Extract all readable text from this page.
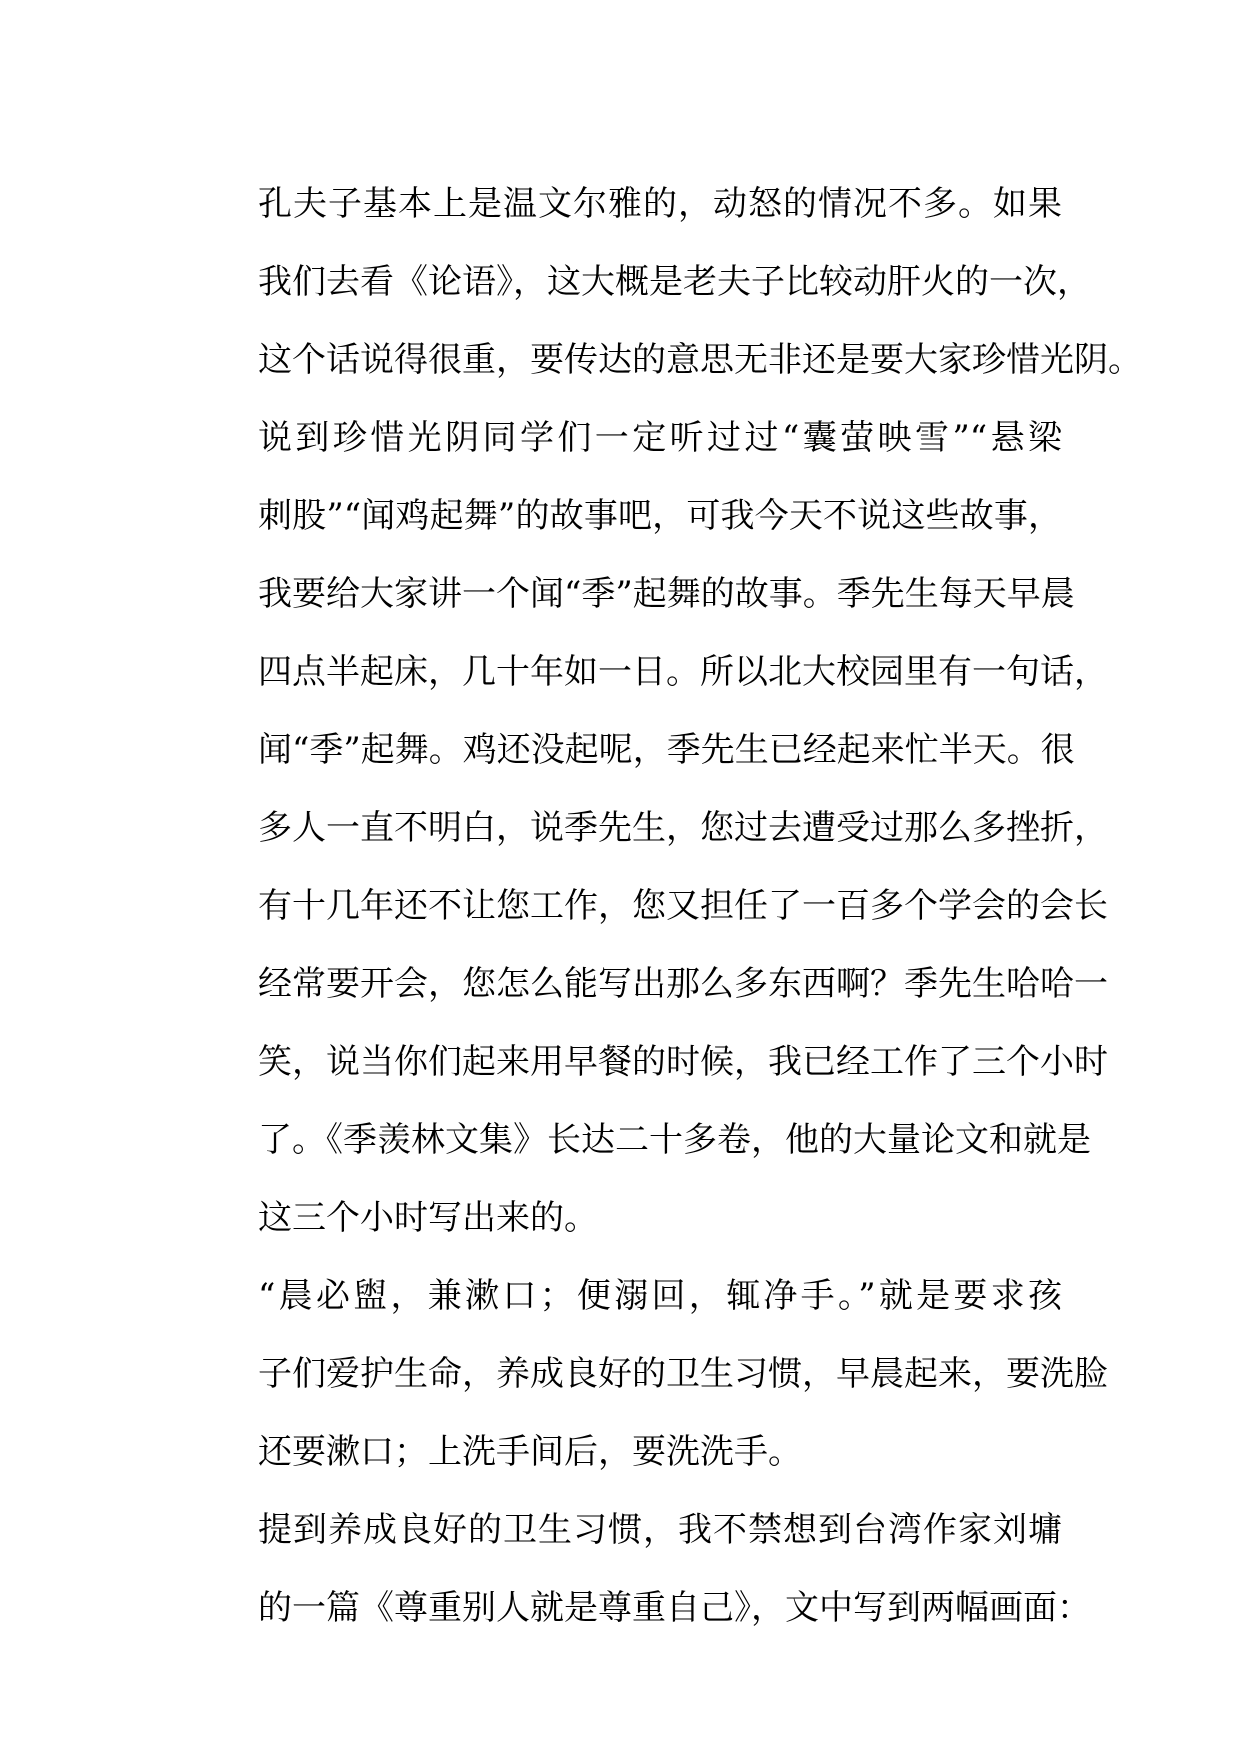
孔夫子基本上是温文尔雅的，动怒的情况不多。如果
我们去看《论语》，这大概是老夫子比较动肝火的一次，
这个话说得很重，要传达的意思无非还是要大家珍惜光阴。

说到珍惜光阴同学们一定听过过“囊萤映雪”“悬梁
刺股”“闻鸡起舞”的故事吧，可我今天不说这些故事，
我要给大家讲一个闻“季”起舞的故事。季先生每天早晨
四点半起床，几十年如一日。所以北大校园里有一句话，
闻“季”起舞。鸡还没起呢，季先生已经起来忙半天。很
多人一直不明白，说季先生，您过去遭受过那么多挫折，
有十几年还不让您工作，您又担任了一百多个学会的会长
经常要开会，您怎么能写出那么多东西啊？季先生哈哈一
笑，说当你们起来用早餐的时候，我已经工作了三个小时
了。《季羡林文集》长达二十多卷，他的大量论文和就是
这三个小时写出来的。

“晨必盥，兼漱口；便溺回，辄净手。”就是要求孩
子们爱护生命，养成良好的卫生习惯，早晨起来，要洗脸
还要漱口；上洗手间后，要洗洗手。

提到养成良好的卫生习惯，我不禁想到台湾作家刘墉
的一篇《尊重别人就是尊重自己》，文中写到两幅画面：
